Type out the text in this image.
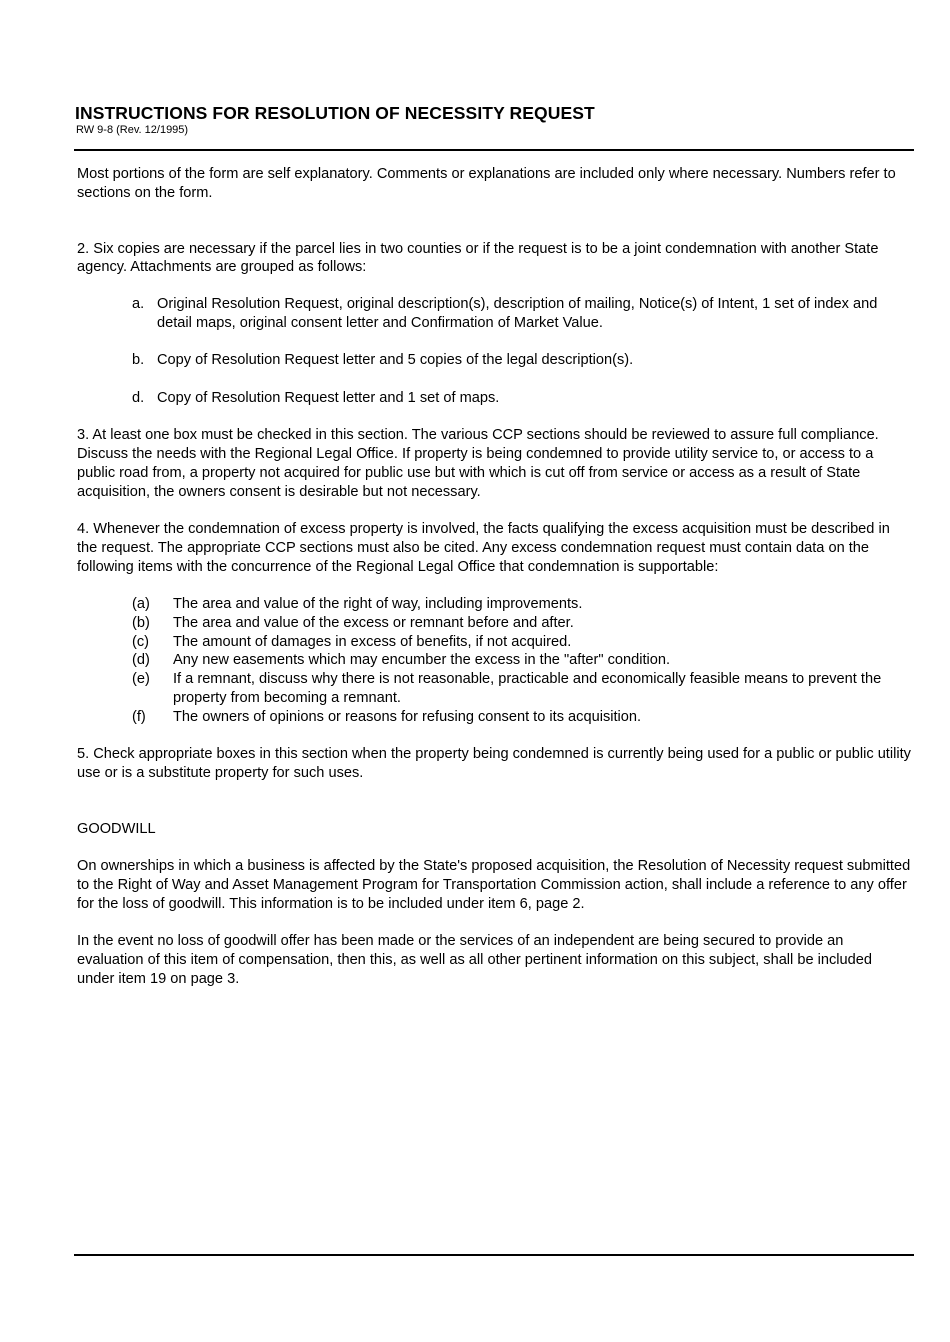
INSTRUCTIONS FOR RESOLUTION OF NECESSITY REQUEST
RW 9-8 (Rev. 12/1995)

Most portions of the form are self explanatory. Comments or explanations are included only where necessary. Numbers refer to sections on the form.

2. Six copies are necessary if the parcel lies in two counties or if the request is to be a joint condemnation with another State agency. Attachments are grouped as follows:

a. Original Resolution Request, original description(s), description of mailing, Notice(s) of Intent, 1 set of index and detail maps, original consent letter and Confirmation of Market Value.
b. Copy of Resolution Request letter and 5 copies of the legal description(s).
d. Copy of Resolution Request letter and 1 set of maps.

3. At least one box must be checked in this section. The various CCP sections should be reviewed to assure full compliance. Discuss the needs with the Regional Legal Office. If property is being condemned to provide utility service to, or access to a public road from, a property not acquired for public use but with which is cut off from service or access as a result of State acquisition, the owners consent is desirable but not necessary.

4. Whenever the condemnation of excess property is involved, the facts qualifying the excess acquisition must be described in the request. The appropriate CCP sections must also be cited. Any excess condemnation request must contain data on the following items with the concurrence of the Regional Legal Office that condemnation is supportable:

(a) The area and value of the right of way, including improvements.
(b) The area and value of the excess or remnant before and after.
(c) The amount of damages in excess of benefits, if not acquired.
(d) Any new easements which may encumber the excess in the "after" condition.
(e) If a remnant, discuss why there is not reasonable, practicable and economically feasible means to prevent the property from becoming a remnant.
(f) The owners of opinions or reasons for refusing consent to its acquisition.

5. Check appropriate boxes in this section when the property being condemned is currently being used for a public or public utility use or is a substitute property for such uses.

GOODWILL

On ownerships in which a business is affected by the State's proposed acquisition, the Resolution of Necessity request submitted to the Right of Way and Asset Management Program for Transportation Commission action, shall include a reference to any offer for the loss of goodwill. This information is to be included under item 6, page 2.

In the event no loss of goodwill offer has been made or the services of an independent are being secured to provide an evaluation of this item of compensation, then this, as well as all other pertinent information on this subject, shall be included under item 19 on page 3.
